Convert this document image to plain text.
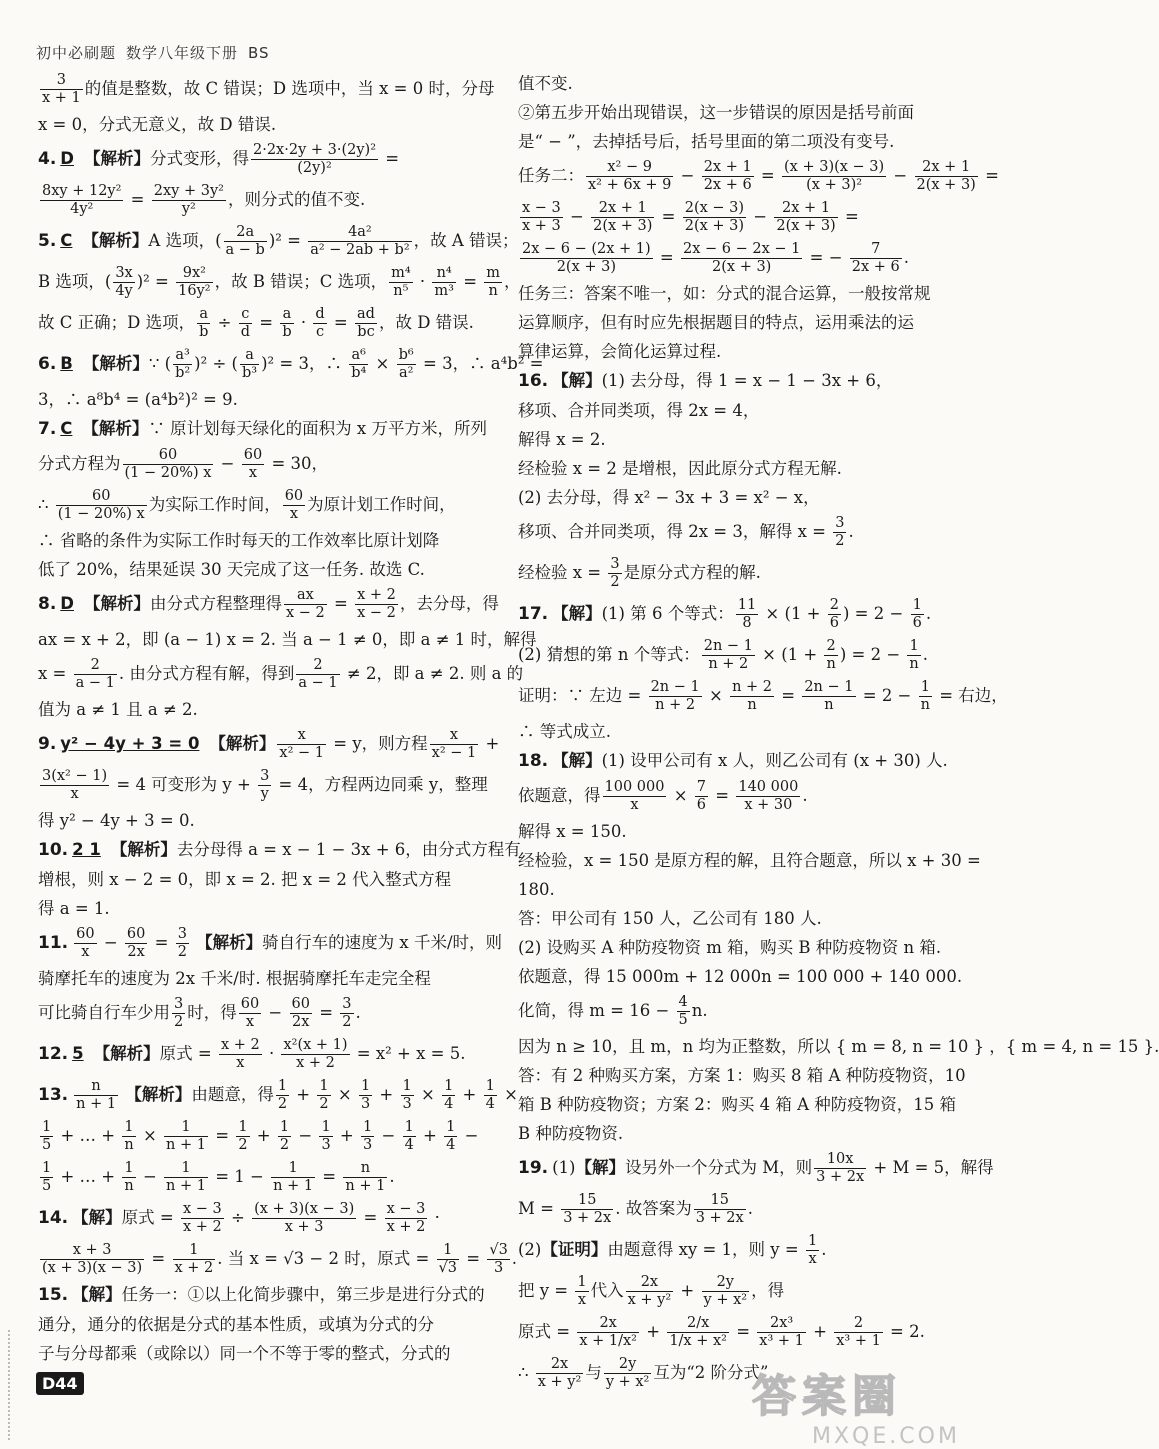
初中必刷题 数学八年级下册 BS
$\frac{3}{x + 1}$ 的值是整数，故 C 错误；D 选项中，当 x = 0 时，分母
x = 0，分式无意义，故 D 错误.
4. D 【解析】分式变形，得 $\frac{\text{2·2x·2y + 3·(2y)²}}{\text{(2y)²}}$ =
$\frac{\text{8xy + 12y²}}{\text{4y²}} = \frac{\text{2xy + 3y²}}{\text{y²}}$ ，则分式的值不变.
5. C 【解析】A 选项，( $\frac{2a}{a - b} )^2 = \frac{\text{4a²}}{\text{a² − 2ab + b²}}$ ，故 A 错误；
B 选项，( $\frac{3x}{4y} )^2 = \frac{\text{9x²}}{\text{16y²}}$ ，故 B 错误；C 选项， $\frac{\text{m⁴}}{\text{n⁵}} \cdot \frac{\text{n⁴}}{\text{m³}} = \frac{m}{n}$ ，
故 C 正确；D 选项， $\frac{a}{b} \div \frac{c}{d} = \frac{a}{b} \cdot \frac{d}{c} = \frac{ad}{bc}$ ，故 D 错误.
6. B 【解析】∵ ( $\frac{\text{a³}}{\text{b²}} )^2$ ÷ ( $\frac{a}{\text{b³}} )^2 = 3$，∴ $\frac{\text{a⁶}}{\text{b⁴}} \times \frac{\text{b⁶}}{\text{a²}} = 3$，∴ a⁴b² =
3，∴ a⁸b⁴ = (a⁴b²)² = 9.
7. C 【解析】∵ 原计划每天绿化的面积为 x 万平方米，所列
分式方程为 $\frac{60}{(1 - 20\%) x} - \frac{60}{x} = 30$，
∴ $\frac{60}{(1 - 20\%) x}$ 为实际工作时间， $\frac{60}{x}$ 为原计划工作时间，
∴ 省略的条件为实际工作时每天的工作效率比原计划降
低了 20%，结果延误 30 天完成了这一任务. 故选 C.
8. D 【解析】由分式方程整理得 $\frac{ax}{x - 2} = \frac{x + 2}{x - 2}$ ，去分母，得
ax = x + 2，即 (a − 1) x = 2. 当 a − 1 ≠ 0，即 a ≠ 1 时，解得
$x = \frac{2}{a - 1}$ . 由分式方程有解，得到 $\frac{2}{a - 1} \ne 2$，即 a ≠ 2. 则 a 的
值为 a ≠ 1 且 a ≠ 2.
9. y² − 4y + 3 = 0 【解析】 $\frac{x}{\text{x² − 1}} = y$，则方程 $\frac{x}{\text{x² − 1}}$ +
$\frac{\text{3(x² − 1)}}{x} = 4$ 可变形为 $y + \frac{3}{y} = 4$，方程两边同乘 y，整理
得 y² − 4y + 3 = 0.
10. 2 1 【解析】去分母得 a = x − 1 − 3x + 6，由分式方程有
增根，则 x − 2 = 0，即 x = 2. 把 x = 2 代入整式方程
得 a = 1.
11. $\frac{60}{x} - \frac{60}{2x} = \frac{3}{2}$ 【解析】骑自行车的速度为 x 千米/时，则
骑摩托车的速度为 2x 千米/时. 根据骑摩托车走完全程
可比骑自行车少用 $\frac{3}{2}$ 时，得 $\frac{60}{x} - \frac{60}{2x} = \frac{3}{2}$ .
12. 5 【解析】原式 = $\frac{x + 2}{x} \cdot \frac{\text{x²(x + 1)}}{x + 2} = x^2 + x = 5$.
13. $\frac{n}{n + 1}$ 【解析】由题意，得 $\frac{1}{2} + \frac{1}{2} \times \frac{1}{3} + \frac{1}{3} \times \frac{1}{4} + \frac{1}{4}$ ×
$\frac{1}{5}$ + … + $\frac{1}{n} \times \frac{1}{n + 1} = \frac{1}{2} + \frac{1}{2} - \frac{1}{3} + \frac{1}{3} - \frac{1}{4} + \frac{1}{4}$ −
$\frac{1}{5}$ + … + $\frac{1}{n} - \frac{1}{n + 1} = 1 - \frac{1}{n + 1} = \frac{n}{n + 1}$ .
14. 【解】原式 = $\frac{x - 3}{x + 2} \div \frac{(x + 3)(x - 3)}{x + 3} = \frac{x - 3}{x + 2}$ ·
$\frac{x + 3}{(x + 3)(x - 3)} = \frac{1}{x + 2}$ . 当 x = √3 − 2 时，原式 = $\frac{1}{√3} = \frac{√3}{3}$ .
15. 【解】任务一：①以上化简步骤中，第三步是进行分式的
通分，通分的依据是分式的基本性质，或填为分式的分
子与分母都乘（或除以）同一个不等于零的整式，分式的
值不变.
②第五步开始出现错误，这一步错误的原因是括号前面
是“ − ”，去掉括号后，括号里面的第二项没有变号.
任务二： $\frac{\text{x² − 9}}{\text{x² + 6x + 9}} - \frac{2x + 1}{2x + 6} = \frac{(x + 3)(x - 3)}{\text{(x + 3)²}} - \frac{2x + 1}{2(x + 3)}$ =
$\frac{x - 3}{x + 3} - \frac{2x + 1}{2(x + 3)} = \frac{2(x - 3)}{2(x + 3)} - \frac{2x + 1}{2(x + 3)}$ =
$\frac{2x - 6 - (2x + 1)}{2(x + 3)} = \frac{2x - 6 - 2x - 1}{2(x + 3)}$ = − $\frac{7}{2x + 6}$ .
任务三：答案不唯一，如：分式的混合运算，一般按常规
运算顺序，但有时应先根据题目的特点，运用乘法的运
算律运算，会简化运算过程.
16. 【解】(1) 去分母，得 1 = x − 1 − 3x + 6，
移项、合并同类项，得 2x = 4，
解得 x = 2.
经检验 x = 2 是增根，因此原分式方程无解.
(2) 去分母，得 x² − 3x + 3 = x² − x，
移项、合并同类项，得 2x = 3，解得 $x = \frac{3}{2}$ .
经检验 $x = \frac{3}{2}$ 是原分式方程的解.
17. 【解】(1) 第 6 个等式： $\frac{11}{8} \times (1 + \frac{2}{6}$ ) = $2 - \frac{1}{6}$ .
(2) 猜想的第 n 个等式： $\frac{2n - 1}{n + 2} \times (1 + \frac{2}{n}$ ) = $2 - \frac{1}{n}$ .
证明：∵ 左边 = $\frac{2n - 1}{n + 2} \times \frac{n + 2}{n} = \frac{2n - 1}{n} = 2 - \frac{1}{n}$ = 右边，
∴ 等式成立.
18. 【解】(1) 设甲公司有 x 人，则乙公司有 (x + 30) 人.
依题意，得 $\frac{100 000}{x} \times \frac{7}{6} = \frac{140 000}{x + 30}$ .
解得 x = 150.
经检验，x = 150 是原方程的解，且符合题意，所以 x + 30 =
180.
答：甲公司有 150 人，乙公司有 180 人.
(2) 设购买 A 种防疫物资 m 箱，购买 B 种防疫物资 n 箱.
依题意，得 15 000m + 12 000n = 100 000 + 140 000.
化简，得 $m = 16 - \frac{4}{5} n$.
因为 n ≥ 10，且 m，n 均为正整数，所以 { m = 8, n = 10 } ，{ m = 4, n = 15 }.
答：有 2 种购买方案，方案 1：购买 8 箱 A 种防疫物资，10
箱 B 种防疫物资；方案 2：购买 4 箱 A 种防疫物资，15 箱
B 种防疫物资.
19. (1)【解】设另外一个分式为 M，则 $\frac{10x}{3 + 2x} + M = 5$，解得
$M = \frac{15}{3 + 2x}$ . 故答案为 $\frac{15}{3 + 2x}$ .
(2)【证明】由题意得 xy = 1，则 $y = \frac{1}{x}$ .
把 $y = \frac{1}{x}$ 代入 $\frac{2x}{\text{x + y²}} + \frac{2y}{\text{y + x²}}$ ，得
原式 = $\frac{2x}{\text{x + 1/x²}} + \frac{2/x}{\text{1/x + x²}} = \frac{\text{2x³}}{\text{x³ + 1}} + \frac{2}{\text{x³ + 1}} = 2$.
∴ $\frac{2x}{\text{x + y²}}$ 与 $\frac{2y}{\text{y + x²}}$ 互为“2 阶分式”.
D44	答案圈
MXQE.COM
